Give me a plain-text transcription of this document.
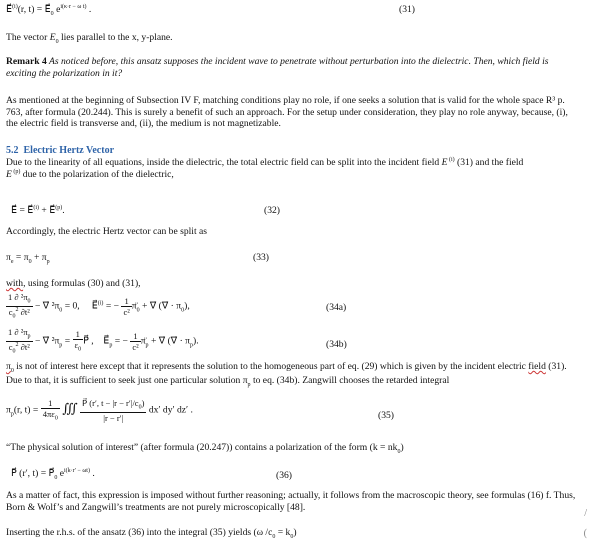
E⃗$^{(i)}$(r, $t) = E⃗_0$ $e^{i(\kappa\cdot r - \omega t)}$ .	(31)
The vector $E_0$ lies parallel to the x, y-plane.
Remark 4 As noticed before, this ansatz supposes the incident wave to penetrate without perturbation into the dielectric. Then, which field is exciting the polarization in it?
As mentioned at the beginning of Subsection IV F, matching conditions play no role, if one seeks a solution that is valid for the whole space R³ p. 763, after formula (20.244). This is surely a benefit of such an approach. For the setup under consideration, they play no role anyway, because, (i), the electric field is transverse and, (ii), the medium is not magnetizable.
5.2 Electric Hertz Vector
Due to the linearity of all equations, inside the dielectric, the total electric field can be split into the incident field E $^{(i)}$ (31) and the field
E $^{(p)}$ due to the polarization of the dielectric,
E⃗ = E⃗$^{(i)}$ + E⃗$^{(p)}$.	(32)
Accordingly, the electric Hertz vector can be split as
$\pi_e = \pi_0 + \pi_p$	(33)
with, using formulas (30) and (31),
$\frac{1 \partial ^2\pi_0}{c_0^2 \partial t^2}$ − ∇⃗ $^2\pi_0 = 0$, E⃗$^{(i)}$ = − $\frac{1}{\text{c²}}$ $\pï_0$ + ∇⃗ (∇⃗ · $\pi_0$),	(34a)
$\frac{1 \partial ^2\pi_p}{c_0^2 \partial t^2}$ − ∇⃗ $^2\pi_p = \frac{1}{\varepsilon_0}$ P⃗ , $E⃗_p$ = − $\frac{1}{\text{c²}}$ $\pï_p$ + ∇⃗ (∇⃗ · $\pi_p$).	(34b)
$\pi_0$ is not of interest here except that it represents the solution to the homogeneous part of eq. (29) which is given by the incident electric field (31). Due to that, it is sufficient to seek just one particular solution $\pi_p$ to eq. (34b). Zangwill chooses the retarded integral
$\pi_p(r$, $t) = \frac{1}{4\pi\varepsilon_0}$ ∭ $\frac{P⃗ (r', t - |r - r'|/c_0)}{|r - r'|} dx'$ dy′ dz′ .	(35)
“The physical solution of interest” (after formula (20.247)) contains a polarization of the form $(k = nk_0)$
P⃗ (r′, $t) = P⃗_0$ $e^{i(k\cdot r' - \omega t)}$ .	(36)
As a matter of fact, this expression is imposed without further reasoning; actually, it follows from the macroscopic theory, see formulas (16) f. Thus, Born & Wolf’s and Zangwill’s treatments are not purely microscopically [48].
Inserting the r.h.s. of the ansatz (36) into the integral (35) yields (ω $/c_0 = k_0$)
/
(
